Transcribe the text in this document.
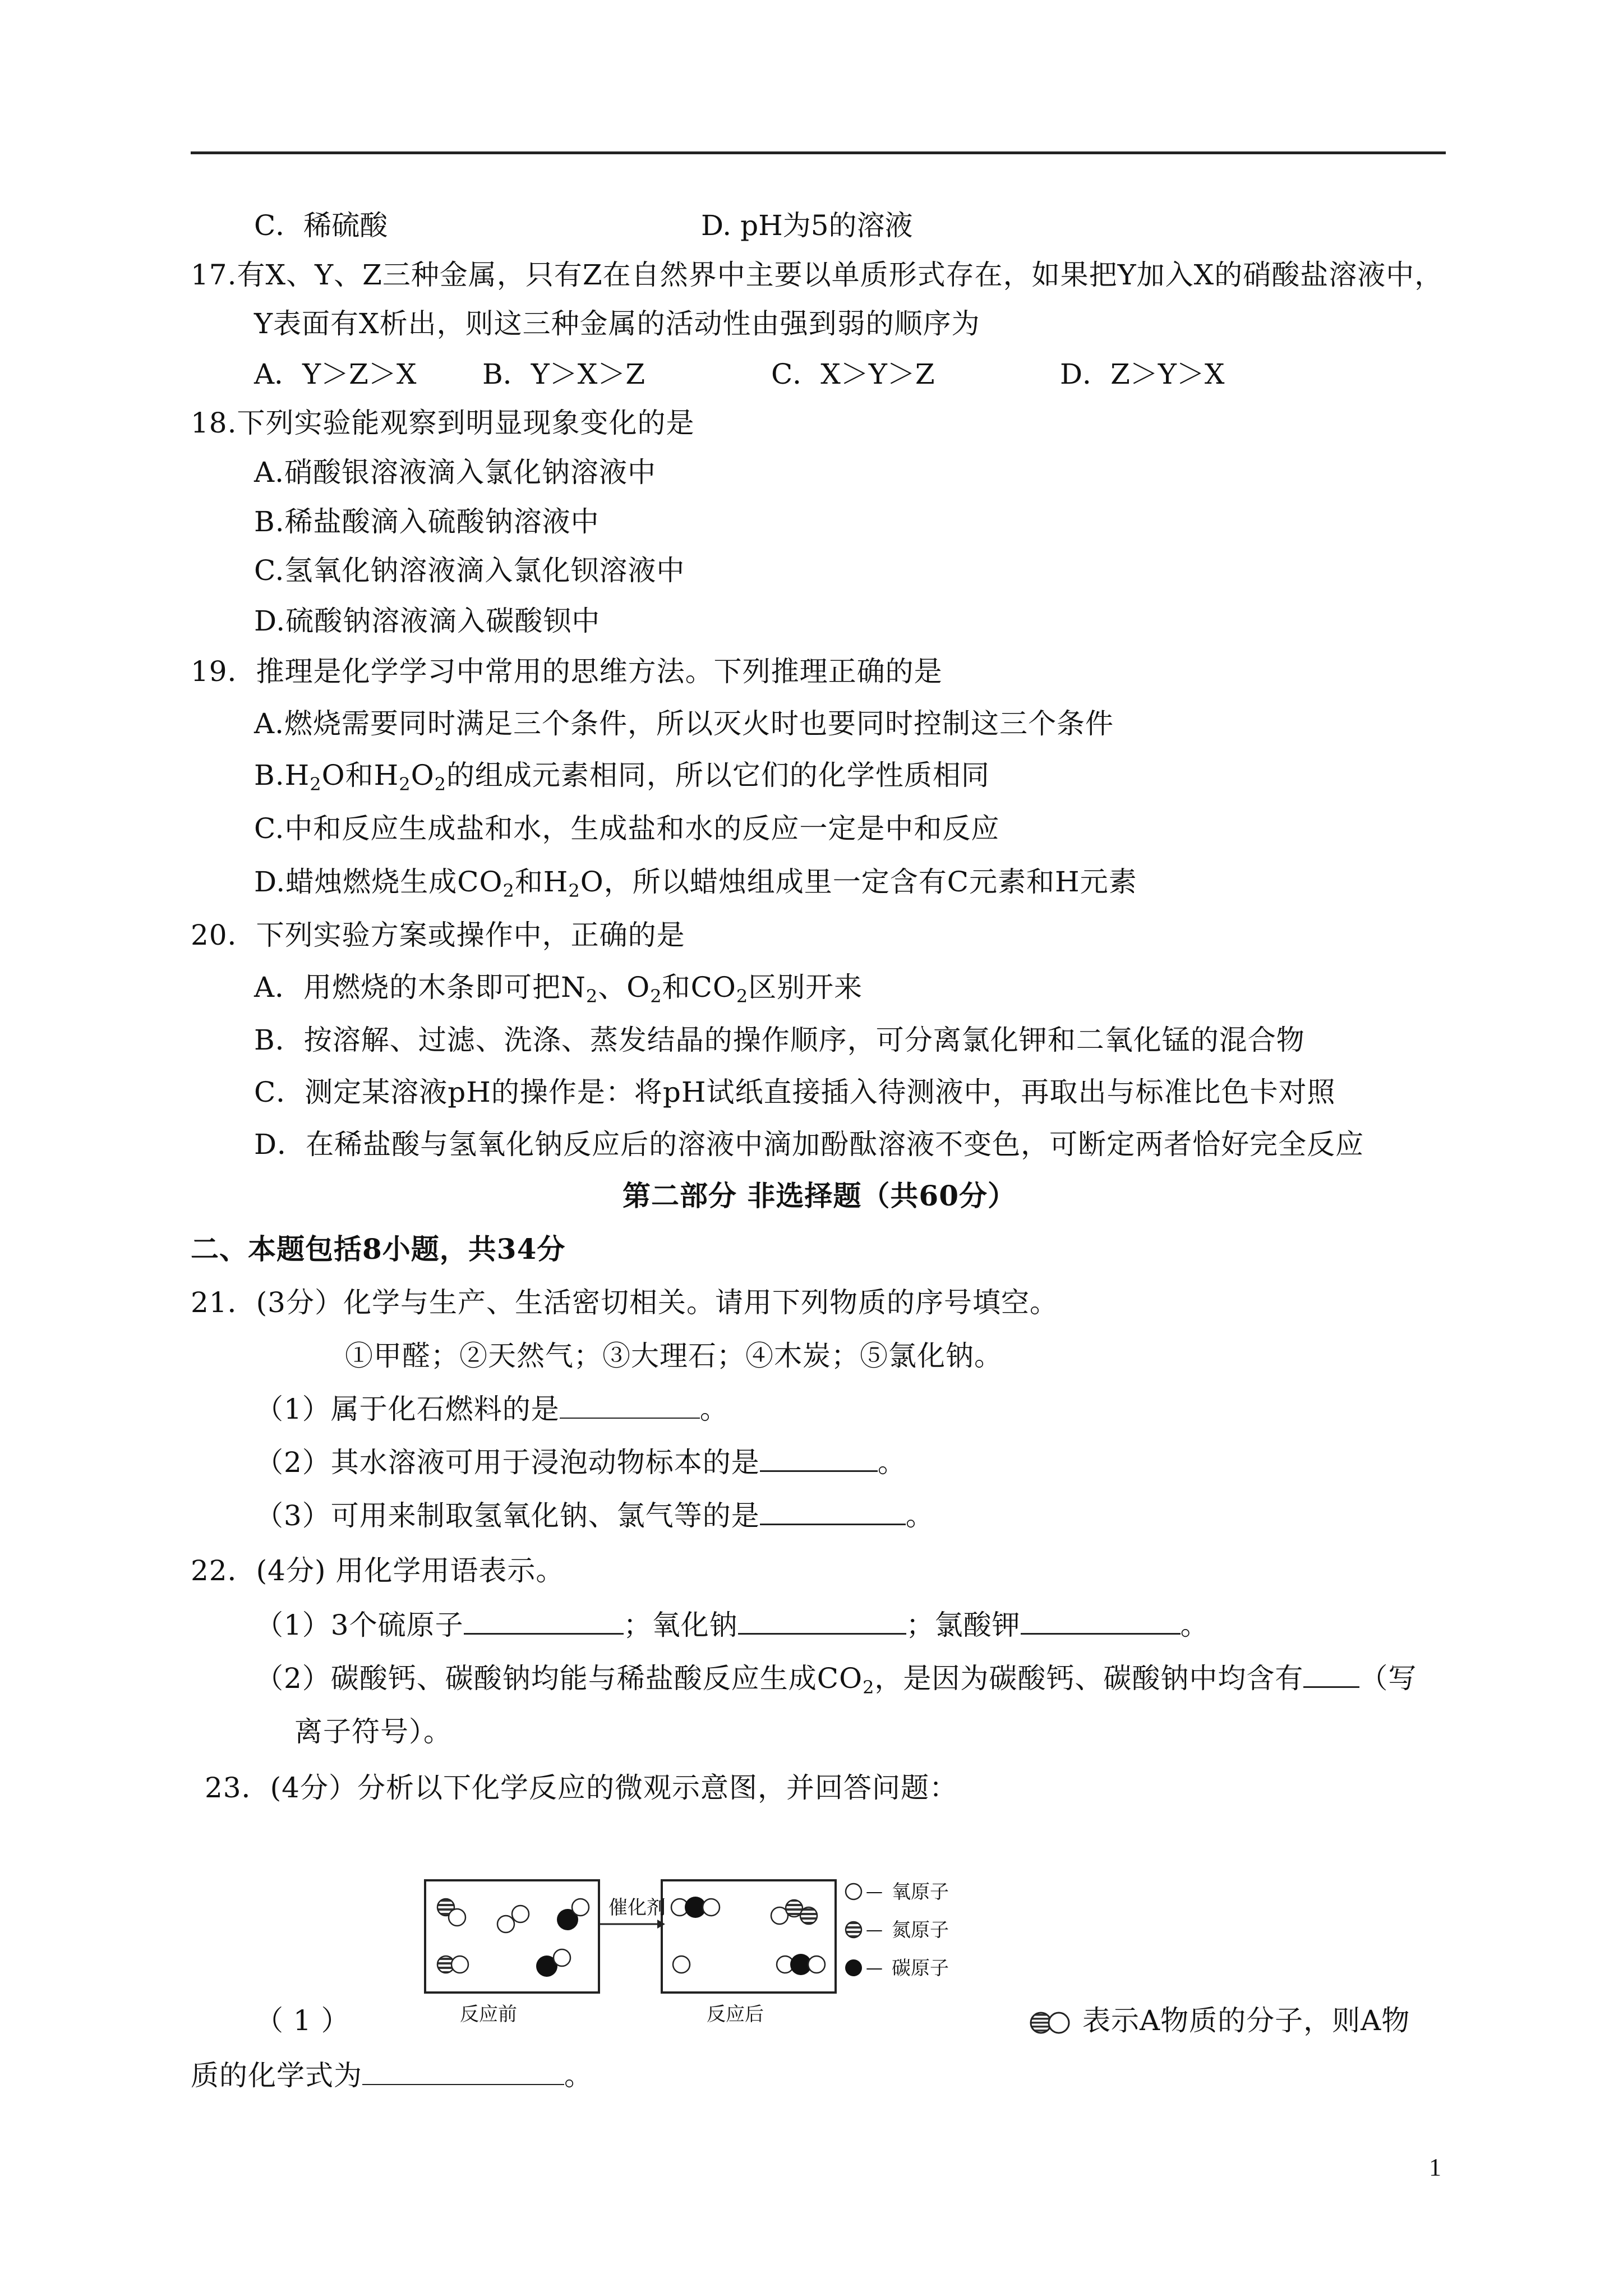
C．稀硫酸	D. pH为5的溶液
17.有X、Y、Z三种金属，只有Z在自然界中主要以单质形式存在，如果把Y加入X的硝酸盐溶液中，
Y表面有X析出，则这三种金属的活动性由强到弱的顺序为
A．Y＞Z＞X B．Y＞X＞Z	C．X＞Y＞Z	D．Z＞Y＞X
18.下列实验能观察到明显现象变化的是
A.硝酸银溶液滴入氯化钠溶液中
B.稀盐酸滴入硫酸钠溶液中
C.氢氧化钠溶液滴入氯化钡溶液中
D.硫酸钠溶液滴入碳酸钡中
19．推理是化学学习中常用的思维方法。下列推理正确的是
A.燃烧需要同时满足三个条件，所以灭火时也要同时控制这三个条件
$B.H_2O$和$H_2O_2$的组成元素相同，所以它们的化学性质相同
C.中和反应生成盐和水，生成盐和水的反应一定是中和反应
D.蜡烛燃烧生成$CO_2$和$H_2O$，所以蜡烛组成里一定含有C元素和H元素
20．下列实验方案或操作中，正确的是
A．用燃烧的木条即可把$N_2$、$O_2$和$CO_2$区别开来
B．按溶解、过滤、洗涤、蒸发结晶的操作顺序，可分离氯化钾和二氧化锰的混合物
C．测定某溶液pH的操作是：将pH试纸直接插入待测液中，再取出与标准比色卡对照
D．在稀盐酸与氢氧化钠反应后的溶液中滴加酚酞溶液不变色，可断定两者恰好完全反应
第二部分 非选择题（共60分）
二、本题包括8小题，共34分
21．(3分）化学与生产、生活密切相关。请用下列物质的序号填空。
①甲醛；②天然气；③大理石；④木炭；⑤氯化钠。
（1）属于化石燃料的是	。
（2）其水溶液可用于浸泡动物标本的是	。
（3）可用来制取氢氧化钠、氯气等的是	。
22．(4分) 用化学用语表示。
（1）3个硫原子	；氧化钠	；氯酸钾	。
（2）碳酸钙、碳酸钠均能与稀盐酸反应生成$CO_2$，是因为碳酸钙、碳酸钠中均含有 （写
离子符号）。
23．(4分）分析以下化学反应的微观示意图，并回答问题：
催化剂
反应前	反应后
— 氧原子
— 氮原子
— 碳原子
（ 1 ）	表示A物质的分子，则A物
质的化学式为	。
1
